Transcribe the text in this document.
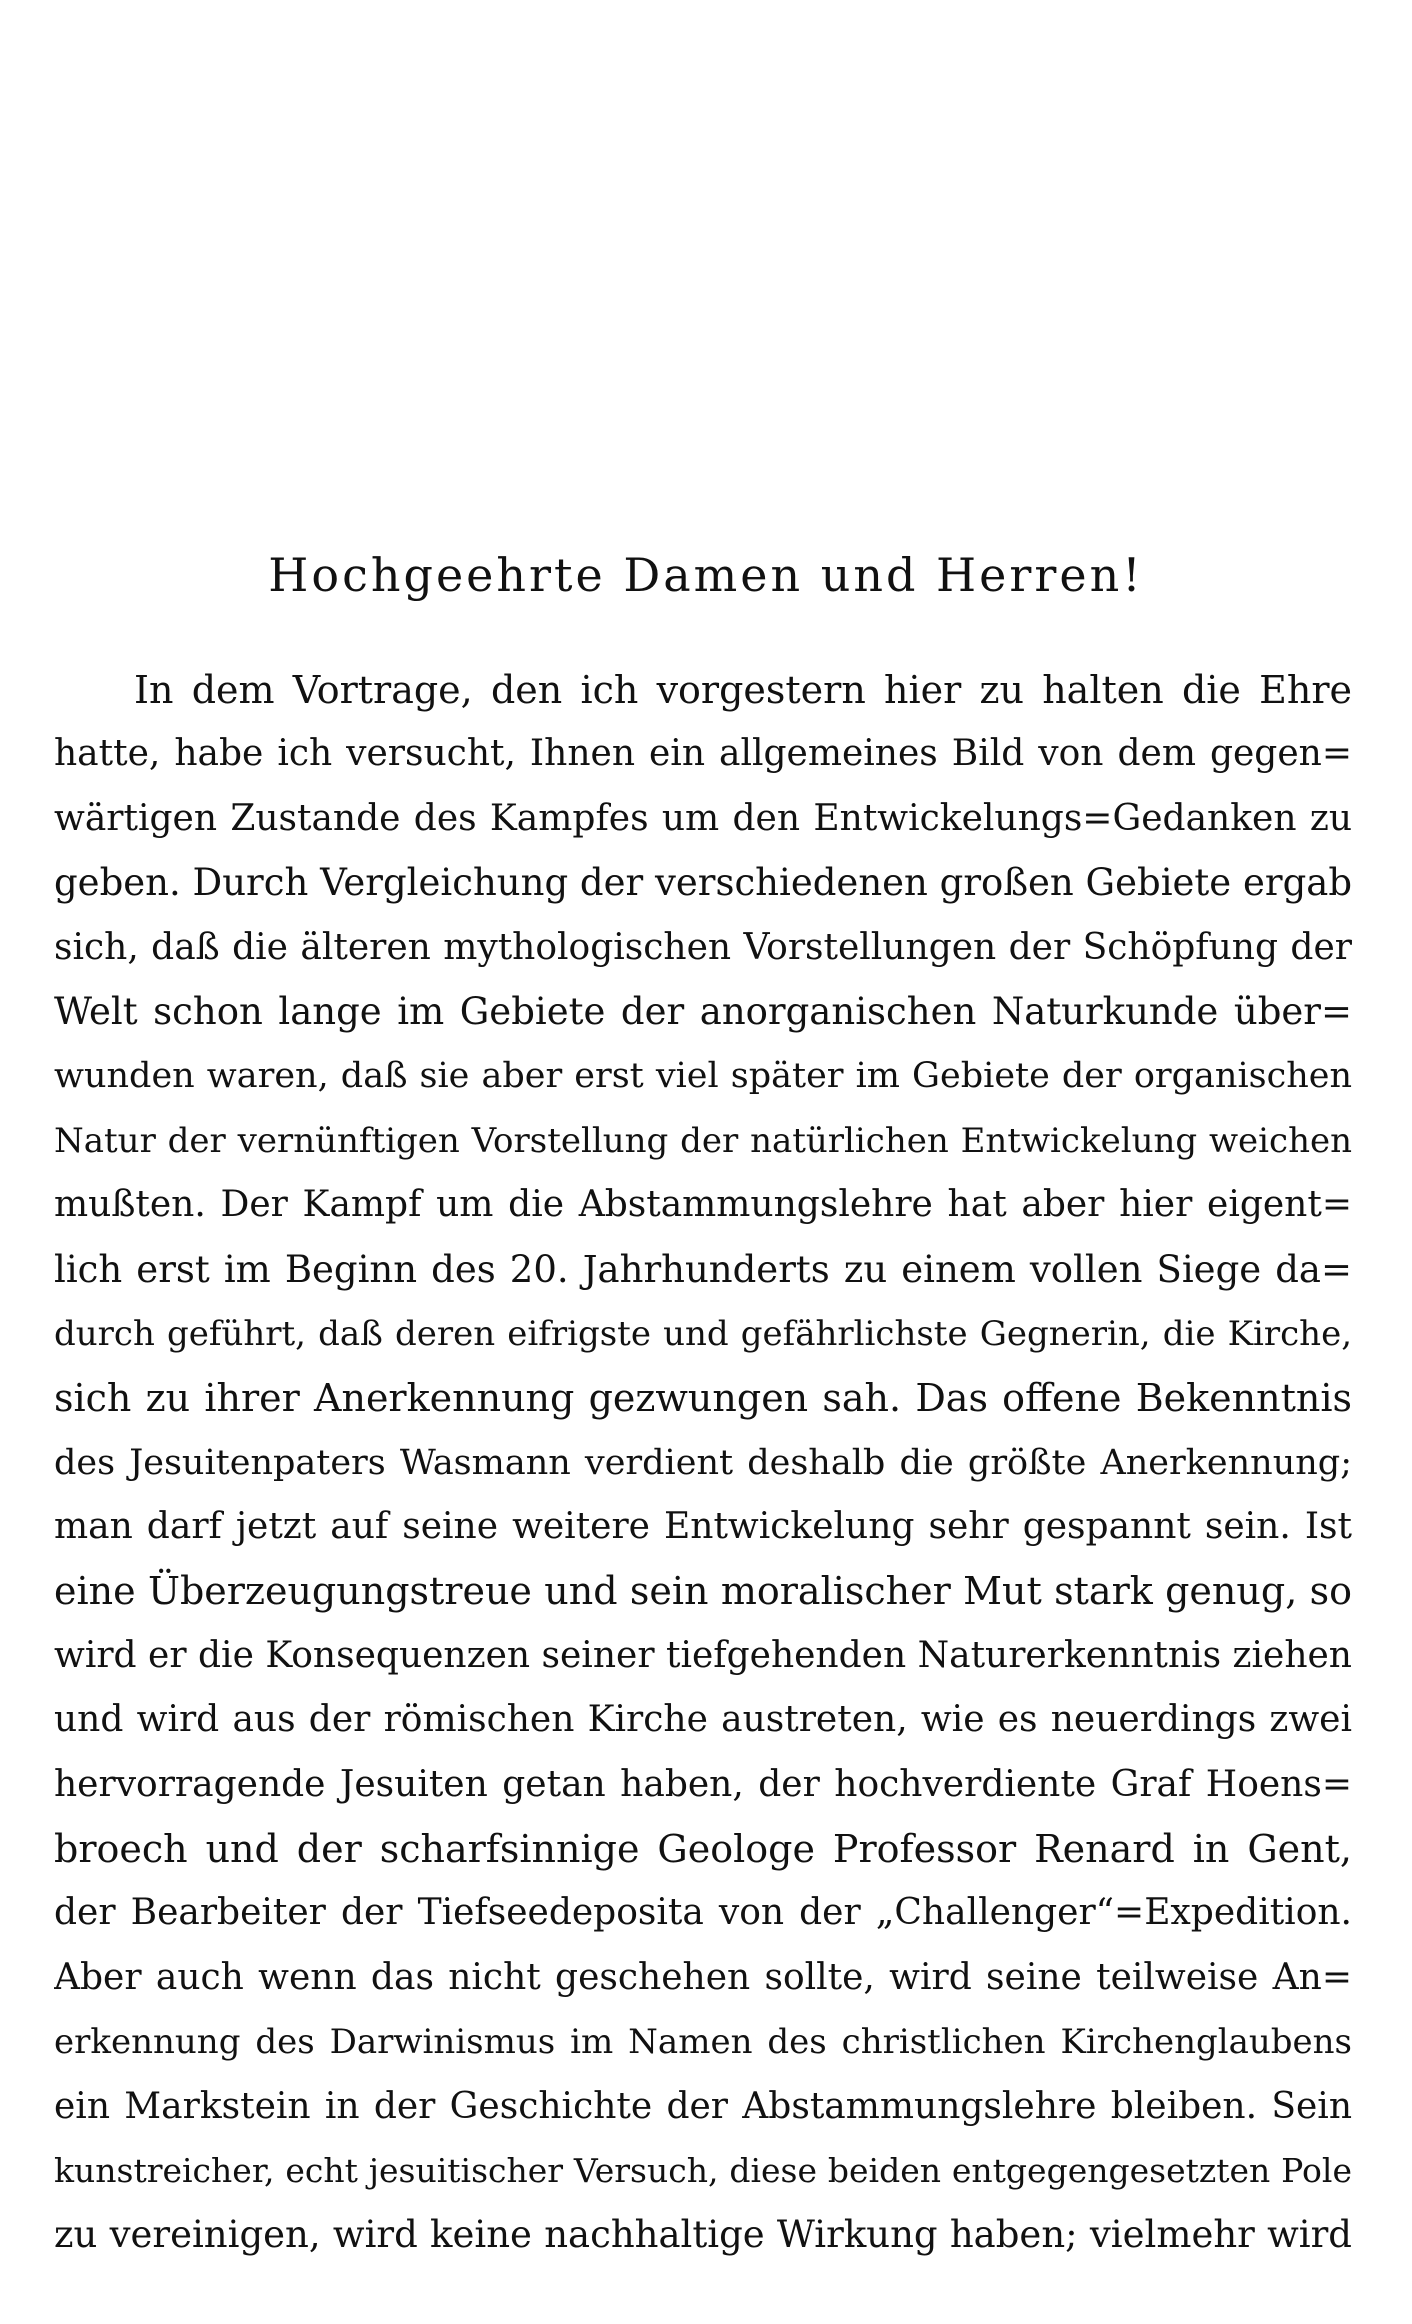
Hochgeehrte Damen und Herren!
In dem Vortrage, den ich vorgestern hier zu halten die Ehre
hatte, habe ich versucht, Ihnen ein allgemeines Bild von dem gegen=
wärtigen Zustande des Kampfes um den Entwickelungs=Gedanken zu
geben. Durch Vergleichung der verschiedenen großen Gebiete ergab
sich, daß die älteren mythologischen Vorstellungen der Schöpfung der
Welt schon lange im Gebiete der anorganischen Naturkunde über=
wunden waren, daß sie aber erst viel später im Gebiete der organischen
Natur der vernünftigen Vorstellung der natürlichen Entwickelung weichen
mußten. Der Kampf um die Abstammungslehre hat aber hier eigent=
lich erst im Beginn des 20. Jahrhunderts zu einem vollen Siege da=
durch geführt, daß deren eifrigste und gefährlichste Gegnerin, die Kirche,
sich zu ihrer Anerkennung gezwungen sah. Das offene Bekenntnis
des Jesuitenpaters Wasmann verdient deshalb die größte Anerkennung;
man darf jetzt auf seine weitere Entwickelung sehr gespannt sein. Ist
eine Überzeugungstreue und sein moralischer Mut stark genug, so
wird er die Konsequenzen seiner tiefgehenden Naturerkenntnis ziehen
und wird aus der römischen Kirche austreten, wie es neuerdings zwei
hervorragende Jesuiten getan haben, der hochverdiente Graf Hoens=
broech und der scharfsinnige Geologe Professor Renard in Gent,
der Bearbeiter der Tiefseedeposita von der „Challenger“=Expedition.
Aber auch wenn das nicht geschehen sollte, wird seine teilweise An=
erkennung des Darwinismus im Namen des christlichen Kirchenglaubens
ein Markstein in der Geschichte der Abstammungslehre bleiben. Sein
kunstreicher, echt jesuitischer Versuch, diese beiden entgegengesetzten Pole
zu vereinigen, wird keine nachhaltige Wirkung haben; vielmehr wird
